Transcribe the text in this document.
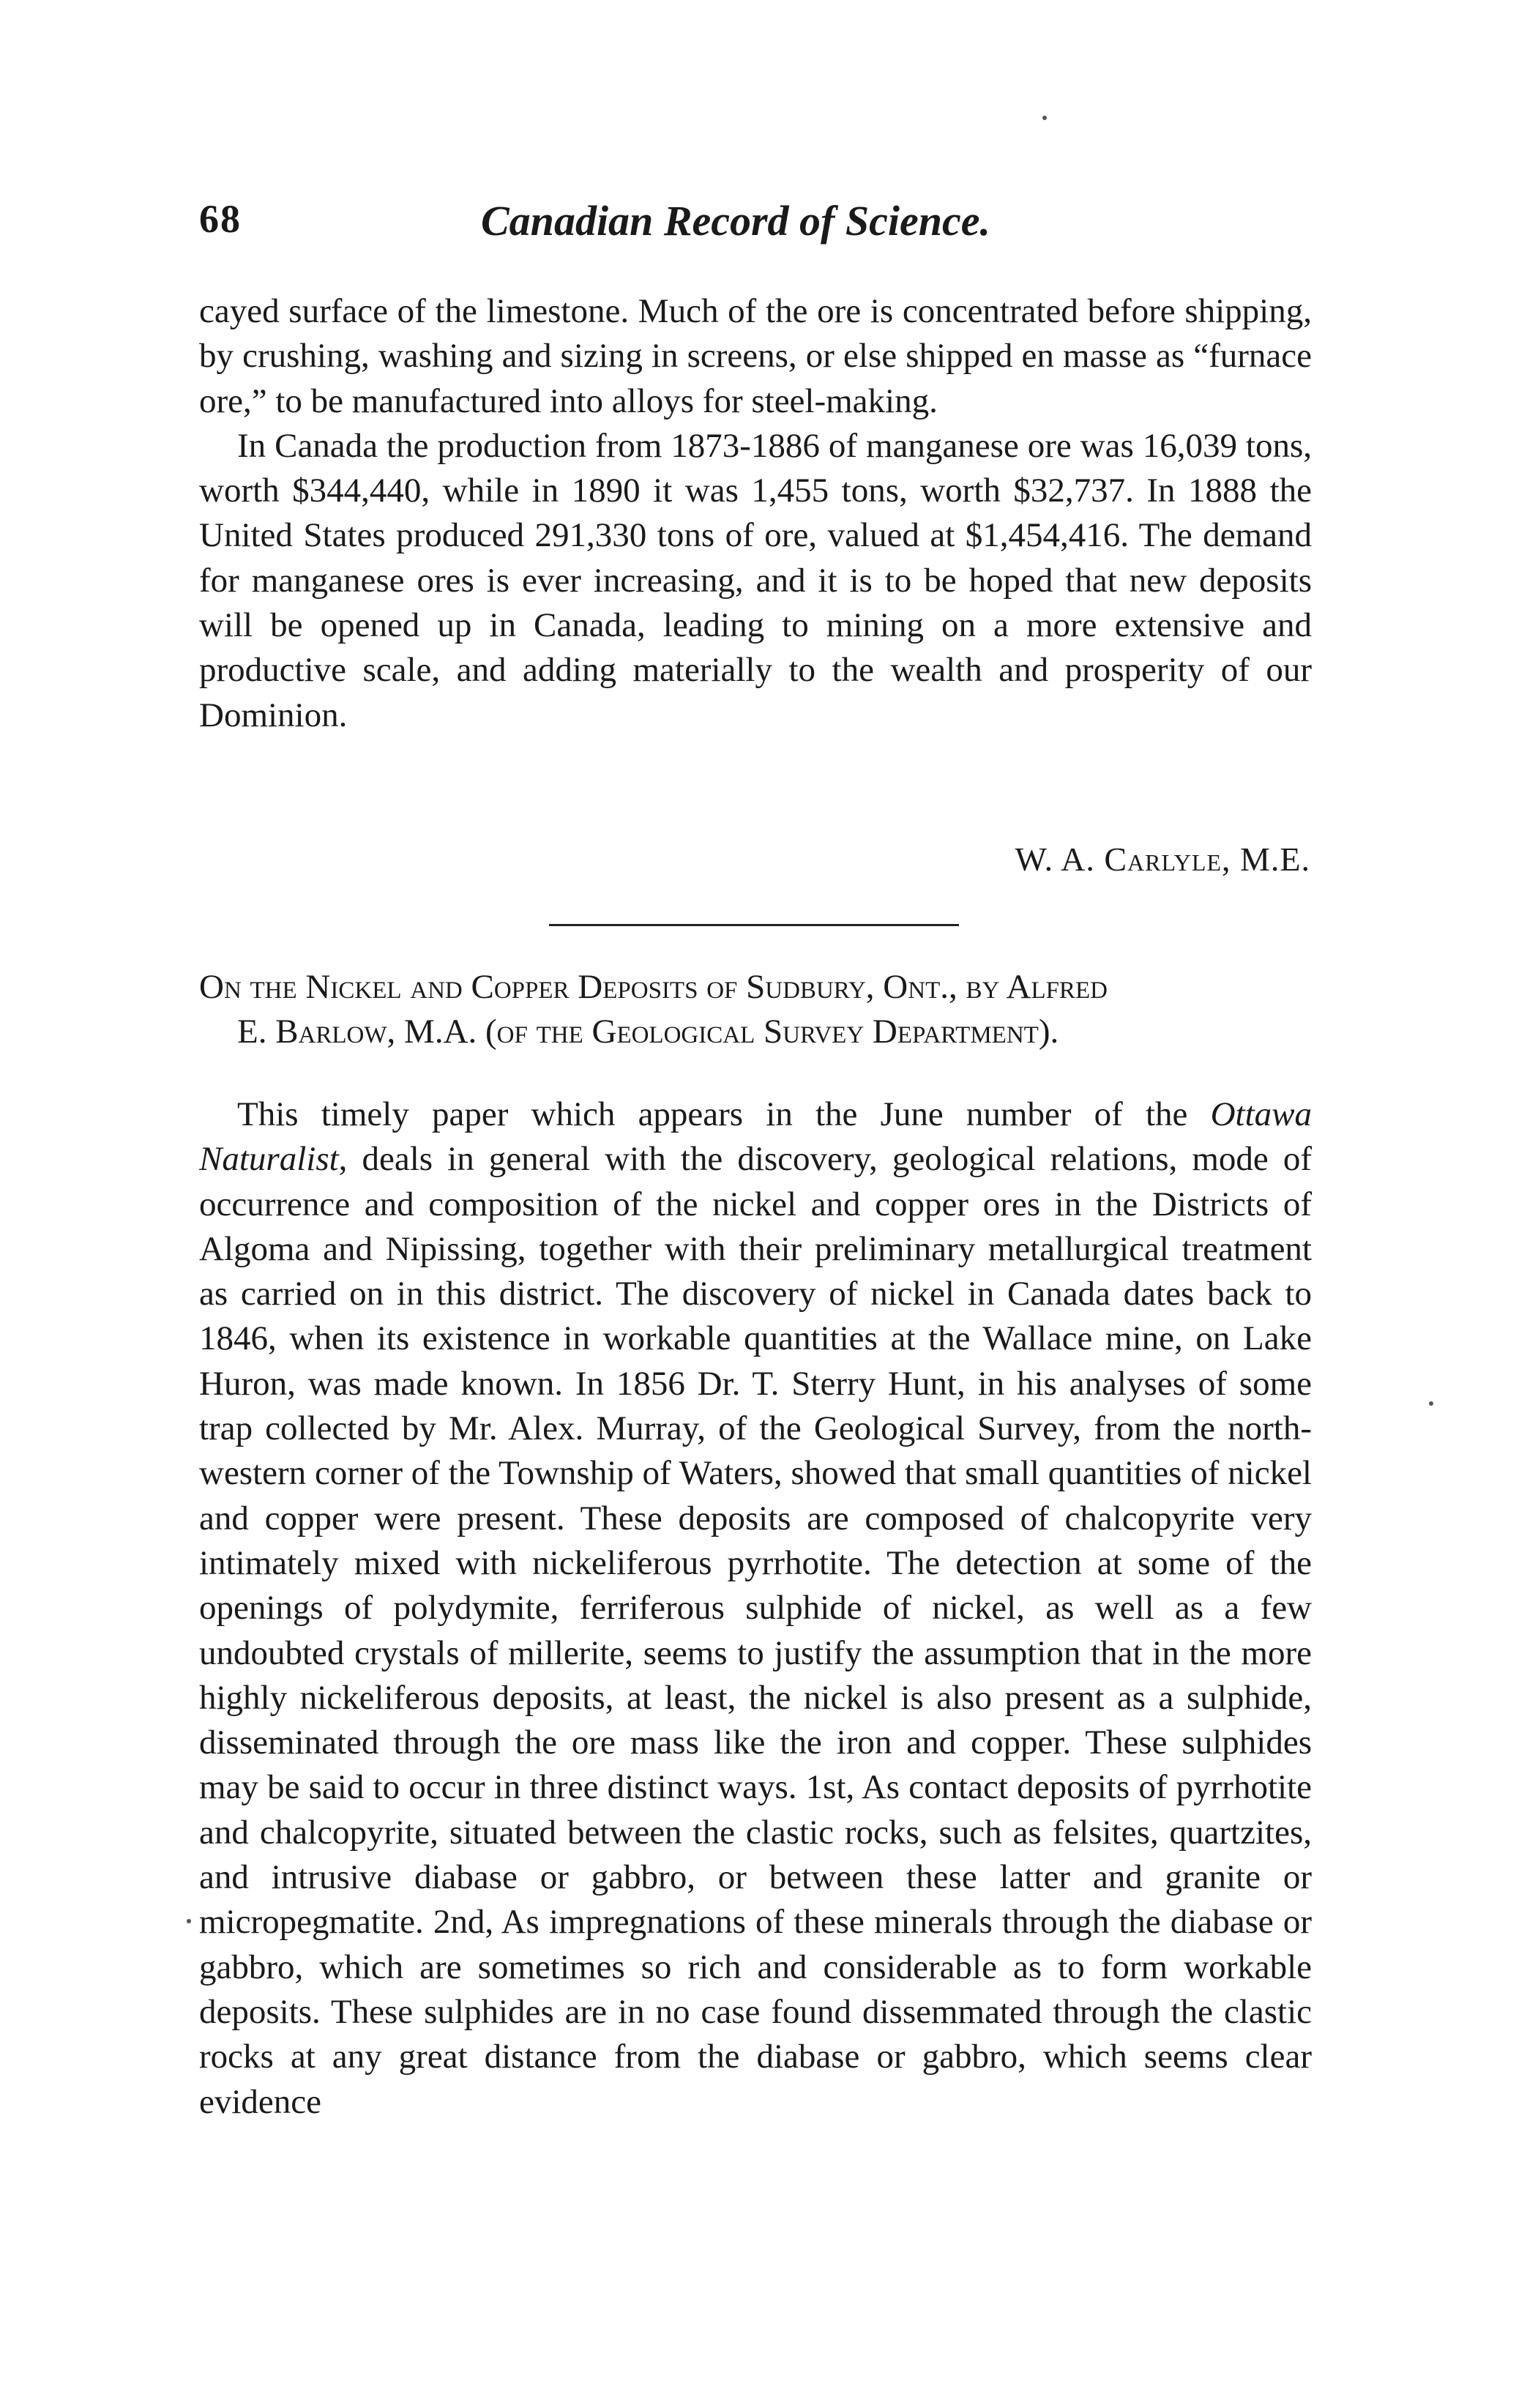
68	Canadian Record of Science.

cayed surface of the limestone. Much of the ore is concentrated before shipping, by crushing, washing and sizing in screens, or else shipped en masse as “furnace ore,” to be manufactured into alloys for steel-making.

In Canada the production from 1873-1886 of manganese ore was 16,039 tons, worth $344,440, while in 1890 it was 1,455 tons, worth $32,737. In 1888 the United States produced 291,330 tons of ore, valued at $1,454,416. The demand for manganese ores is ever increasing, and it is to be hoped that new deposits will be opened up in Canada, leading to mining on a more extensive and productive scale, and adding materially to the wealth and prosperity of our Dominion.

W. A. Carlyle, M.E.
On the Nickel and Copper Deposits of Sudbury, Ont., by Alfred
E. Barlow, M.A. (of the Geological Survey Department).

This timely paper which appears in the June number of the Ottawa Naturalist, deals in general with the discovery, geological relations, mode of occurrence and composition of the nickel and copper ores in the Districts of Algoma and Nipissing, together with their preliminary metallurgical treatment as carried on in this district. The discovery of nickel in Canada dates back to 1846, when its existence in workable quantities at the Wallace mine, on Lake Huron, was made known. In 1856 Dr. T. Sterry Hunt, in his analyses of some trap collected by Mr. Alex. Murray, of the Geological Survey, from the north-western corner of the Township of Waters, showed that small quantities of nickel and copper were present. These deposits are composed of chalcopyrite very intimately mixed with nickeliferous pyrrhotite. The detection at some of the openings of polydymite, ferriferous sulphide of nickel, as well as a few undoubted crystals of millerite, seems to justify the assumption that in the more highly nickeliferous deposits, at least, the nickel is also present as a sulphide, disseminated through the ore mass like the iron and copper. These sulphides may be said to occur in three distinct ways. 1st, As contact deposits of pyrrhotite and chalcopyrite, situated between the clastic rocks, such as felsites, quartzites, and intrusive diabase or gabbro, or between these latter and granite or micropegmatite. 2nd, As impregnations of these minerals through the diabase or gabbro, which are sometimes so rich and considerable as to form workable deposits. These sulphides are in no case found dissemmated through the clastic rocks at any great distance from the diabase or gabbro, which seems clear evidence
